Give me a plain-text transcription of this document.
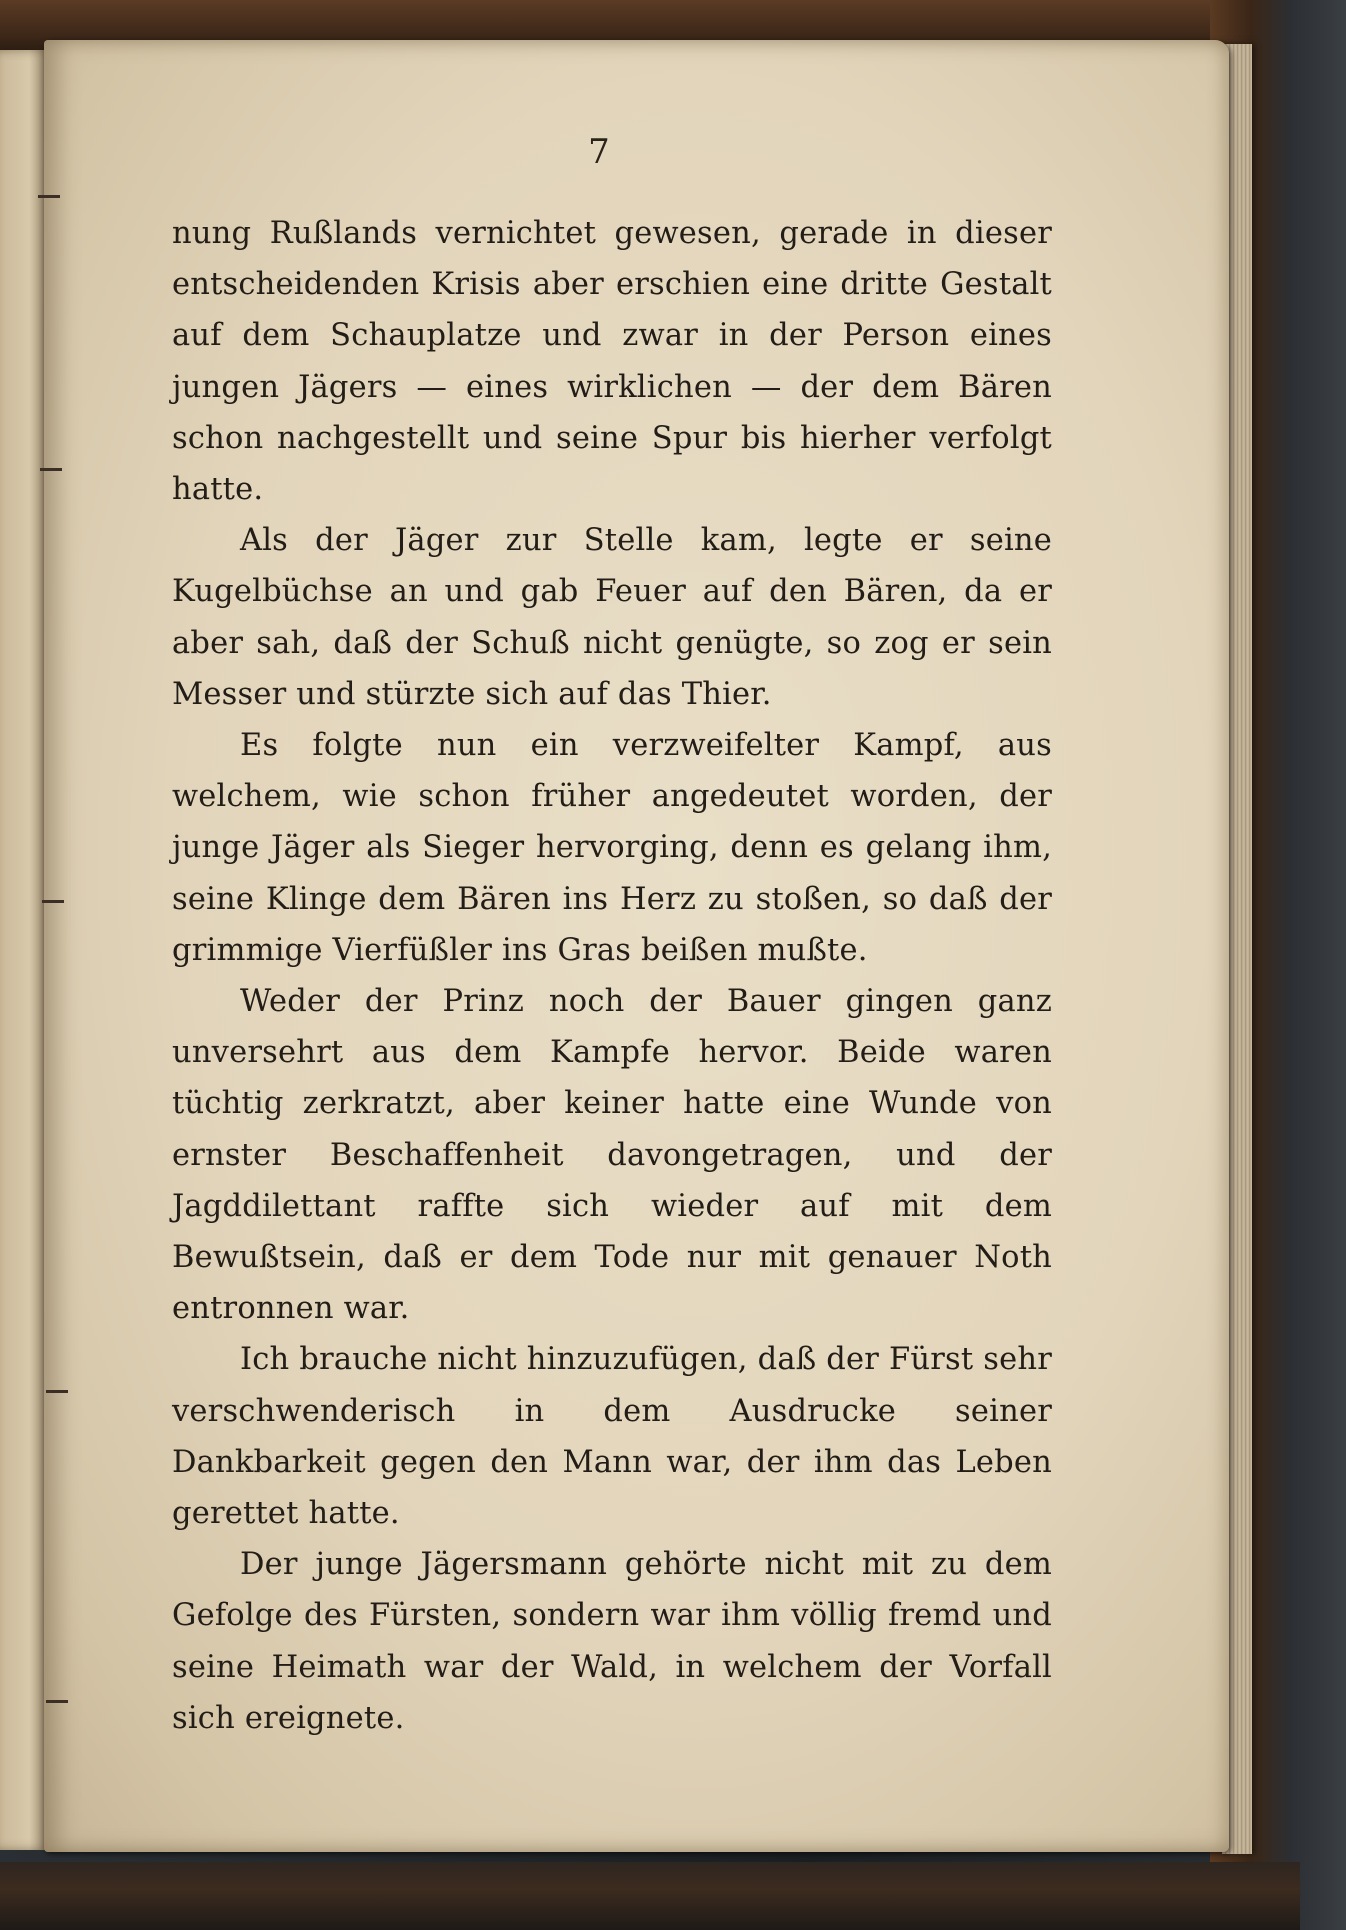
7

nung Rußlands vernichtet gewesen, gerade in dieser entscheidenden Krisis aber erschien eine dritte Gestalt auf dem Schauplatze und zwar in der Person eines jungen Jägers — eines wirklichen — der dem Bären schon nachgestellt und seine Spur bis hierher verfolgt hatte.

Als der Jäger zur Stelle kam, legte er seine Kugelbüchse an und gab Feuer auf den Bären, da er aber sah, daß der Schuß nicht genügte, so zog er sein Messer und stürzte sich auf das Thier.

Es folgte nun ein verzweifelter Kampf, aus welchem, wie schon früher angedeutet worden, der junge Jäger als Sieger hervorging, denn es gelang ihm, seine Klinge dem Bären ins Herz zu stoßen, so daß der grimmige Vierfüßler ins Gras beißen mußte.

Weder der Prinz noch der Bauer gingen ganz unversehrt aus dem Kampfe hervor. Beide waren tüchtig zerkratzt, aber keiner hatte eine Wunde von ernster Beschaffenheit davongetragen, und der Jagddilettant raffte sich wieder auf mit dem Bewußtsein, daß er dem Tode nur mit genauer Noth entronnen war.

Ich brauche nicht hinzuzufügen, daß der Fürst sehr verschwenderisch in dem Ausdrucke seiner Dankbarkeit gegen den Mann war, der ihm das Leben gerettet hatte.

Der junge Jägersmann gehörte nicht mit zu dem Gefolge des Fürsten, sondern war ihm völlig fremd und seine Heimath war der Wald, in welchem der Vorfall sich ereignete.
